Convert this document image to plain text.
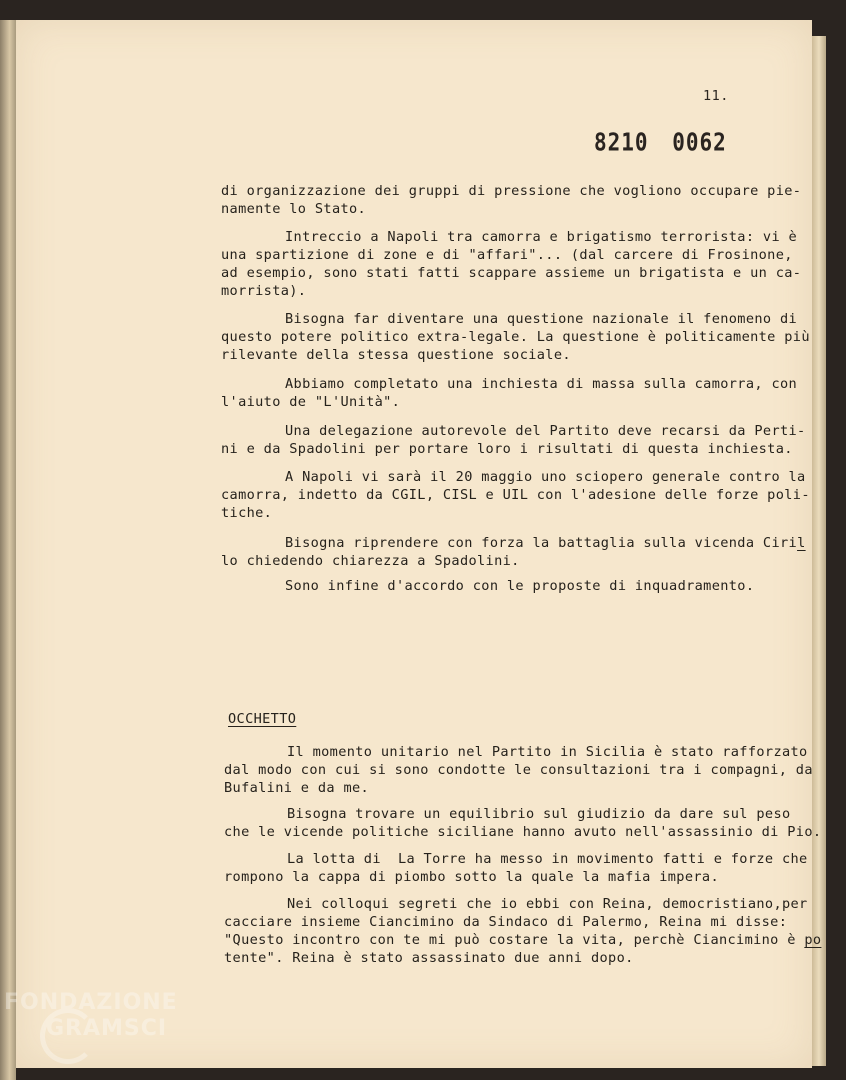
11.
8210 0062

di organizzazione dei gruppi di pressione che vogliono occupare pie-

namente lo Stato.

Intreccio a Napoli tra camorra e brigatismo terrorista: vi è

una spartizione di zone e di "affari"... (dal carcere di Frosinone,

ad esempio, sono stati fatti scappare assieme un brigatista e un ca-

morrista).

Bisogna far diventare una questione nazionale il fenomeno di

questo potere politico extra-legale. La questione è politicamente più

rilevante della stessa questione sociale.

Abbiamo completato una inchiesta di massa sulla camorra, con

l'aiuto de "L'Unità".

Una delegazione autorevole del Partito deve recarsi da Perti-

ni e da Spadolini per portare loro i risultati di questa inchiesta.

A Napoli vi sarà il 20 maggio uno sciopero generale contro la

camorra, indetto da CGIL, CISL e UIL con l'adesione delle forze poli-

tiche.

Bisogna riprendere con forza la battaglia sulla vicenda Ciril

lo chiedendo chiarezza a Spadolini.

Sono infine d'accordo con le proposte di inquadramento.

OCCHETTO

Il momento unitario nel Partito in Sicilia è stato rafforzato

dal modo con cui si sono condotte le consultazioni tra i compagni, da

Bufalini e da me.

Bisogna trovare un equilibrio sul giudizio da dare sul peso

che le vicende politiche siciliane hanno avuto nell'assassinio di Pio.

La lotta di  La Torre ha messo in movimento fatti e forze che

rompono la cappa di piombo sotto la quale la mafia impera.

Nei colloqui segreti che io ebbi con Reina, democristiano,per

cacciare insieme Ciancimino da Sindaco di Palermo, Reina mi disse:

"Questo incontro con te mi può costare la vita, perchè Ciancimino è po

tente". Reina è stato assassinato due anni dopo.

FONDAZIONE
GRAMSCI
